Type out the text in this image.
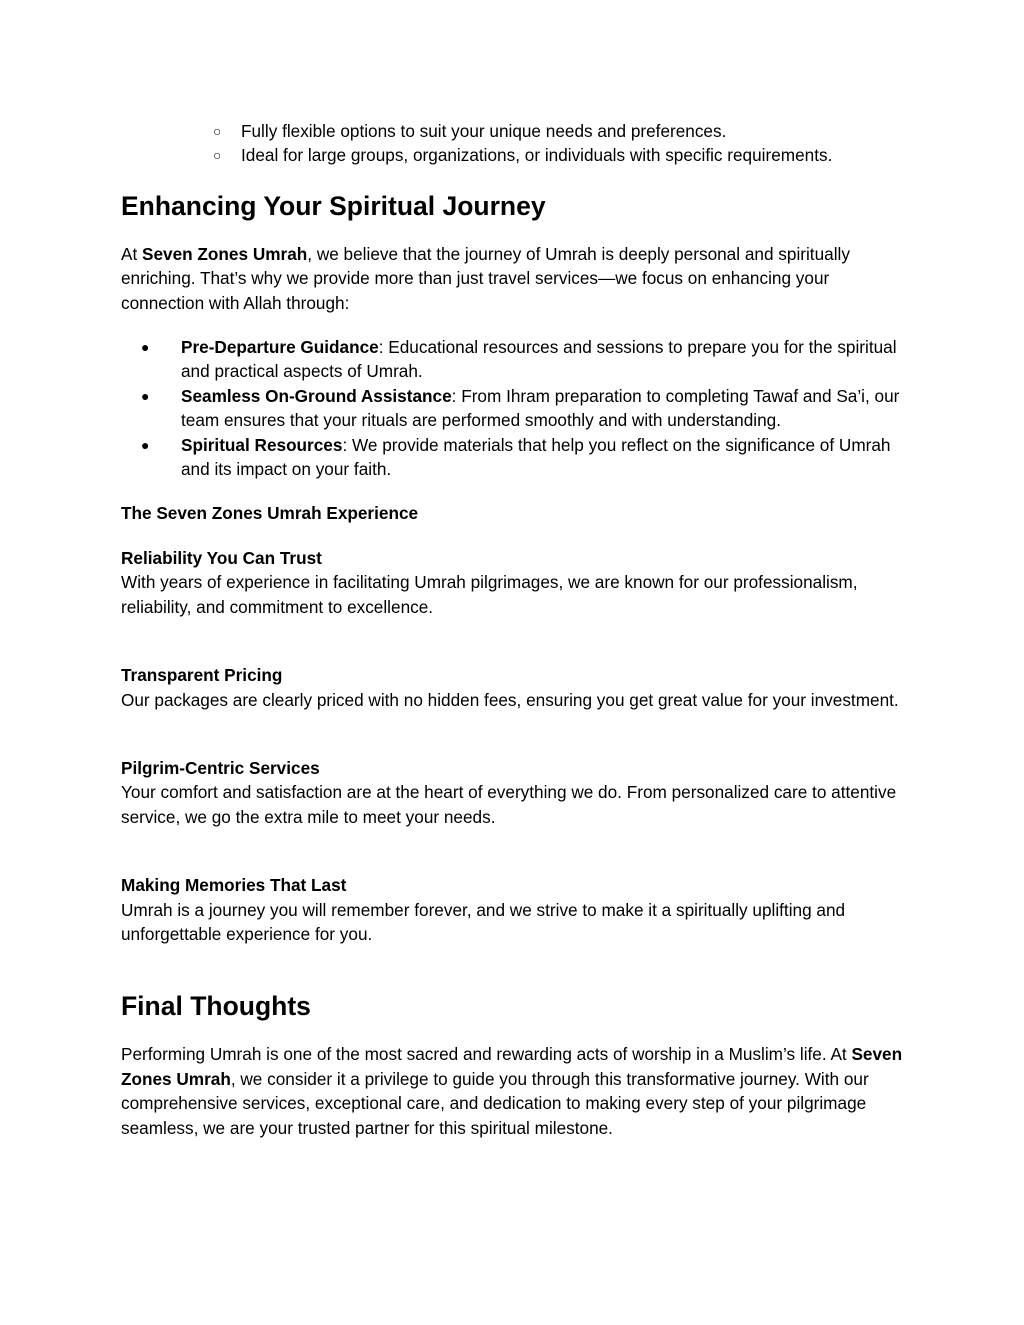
○ Fully flexible options to suit your unique needs and preferences.
○ Ideal for large groups, organizations, or individuals with specific requirements.
Enhancing Your Spiritual Journey

At Seven Zones Umrah, we believe that the journey of Umrah is deeply personal and spiritually enriching. That’s why we provide more than just travel services—we focus on enhancing your connection with Allah through:

● Pre-Departure Guidance: Educational resources and sessions to prepare you for the spiritual and practical aspects of Umrah.
● Seamless On-Ground Assistance: From Ihram preparation to completing Tawaf and Sa’i, our team ensures that your rituals are performed smoothly and with understanding.
● Spiritual Resources: We provide materials that help you reflect on the significance of Umrah and its impact on your faith.

The Seven Zones Umrah Experience

Reliability You Can Trust

With years of experience in facilitating Umrah pilgrimages, we are known for our professionalism, reliability, and commitment to excellence.

Transparent Pricing

Our packages are clearly priced with no hidden fees, ensuring you get great value for your investment.

Pilgrim-Centric Services

Your comfort and satisfaction are at the heart of everything we do. From personalized care to attentive service, we go the extra mile to meet your needs.

Making Memories That Last

Umrah is a journey you will remember forever, and we strive to make it a spiritually uplifting and unforgettable experience for you.

Final Thoughts

Performing Umrah is one of the most sacred and rewarding acts of worship in a Muslim’s life. At Seven Zones Umrah, we consider it a privilege to guide you through this transformative journey. With our comprehensive services, exceptional care, and dedication to making every step of your pilgrimage seamless, we are your trusted partner for this spiritual milestone.
